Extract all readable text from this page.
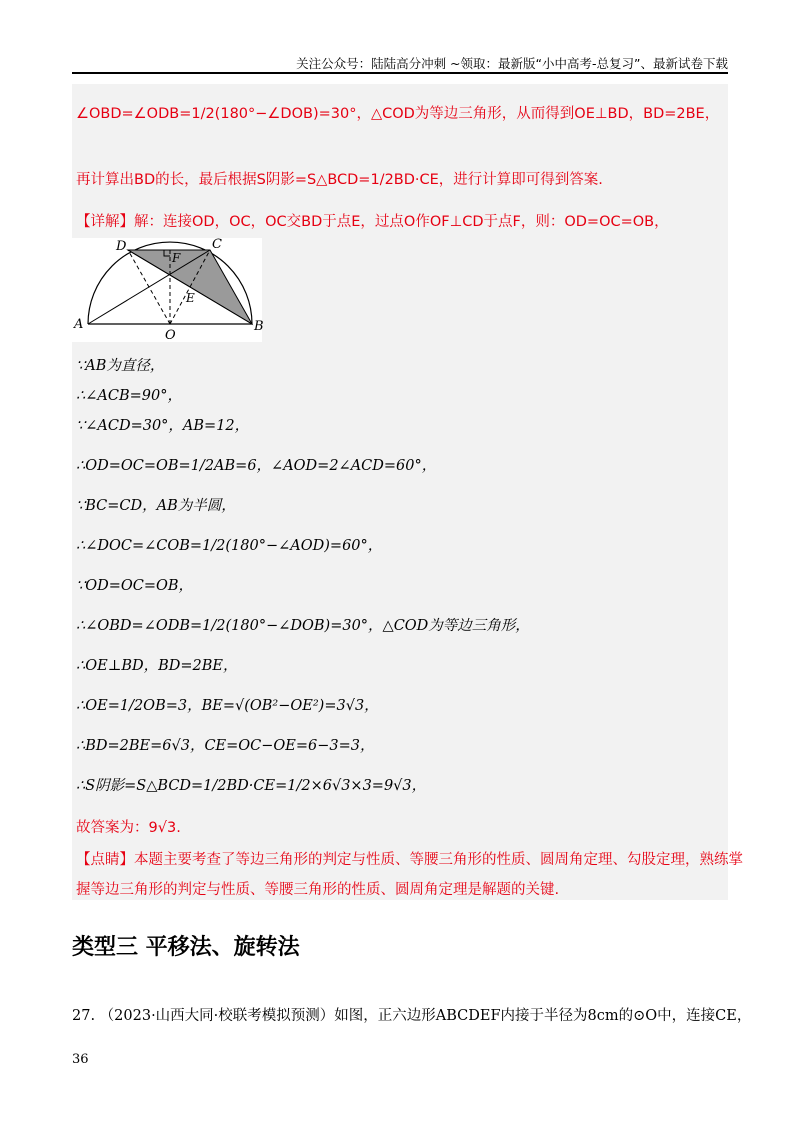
关注公众号：陆陆高分冲刺 ~领取：最新版“小中高考-总复习”、最新试卷下载
∠OBD=∠ODB=1/2(180°−∠DOB)=30°，△COD为等边三角形，从而得到OE⊥BD，BD=2BE，
再计算出BD的长，最后根据S阴影=S△BCD=1/2BD·CE，进行计算即可得到答案.
【详解】解：连接OD，OC，OC交BD于点E，过点O作OF⊥CD于点F，则：OD=OC=OB，
D	C
F
E
A	B
O
∵AB为直径，
∴∠ACB=90°，
∵∠ACD=30°，AB=12，
∴OD=OC=OB=1/2AB=6，∠AOD=2∠ACD=60°，
∵BC=CD，AB为半圆，
∴∠DOC=∠COB=1/2(180°−∠AOD)=60°，
∵OD=OC=OB，
∴∠OBD=∠ODB=1/2(180°−∠DOB)=30°，△COD为等边三角形，
∴OE⊥BD，BD=2BE，
∴OE=1/2OB=3，BE=√(OB²−OE²)=3√3，
∴BD=2BE=6√3，CE=OC−OE=6−3=3，
∴S阴影=S△BCD=1/2BD·CE=1/2×6√3×3=9√3，
故答案为：9√3.
【点睛】本题主要考查了等边三角形的判定与性质、等腰三角形的性质、圆周角定理、勾股定理，熟练掌
握等边三角形的判定与性质、等腰三角形的性质、圆周角定理是解题的关键.
类型三 平移法、旋转法
27. （2023·山西大同·校联考模拟预测）如图，正六边形ABCDEF内接于半径为8cm的⊙O中，连接CE，
36
